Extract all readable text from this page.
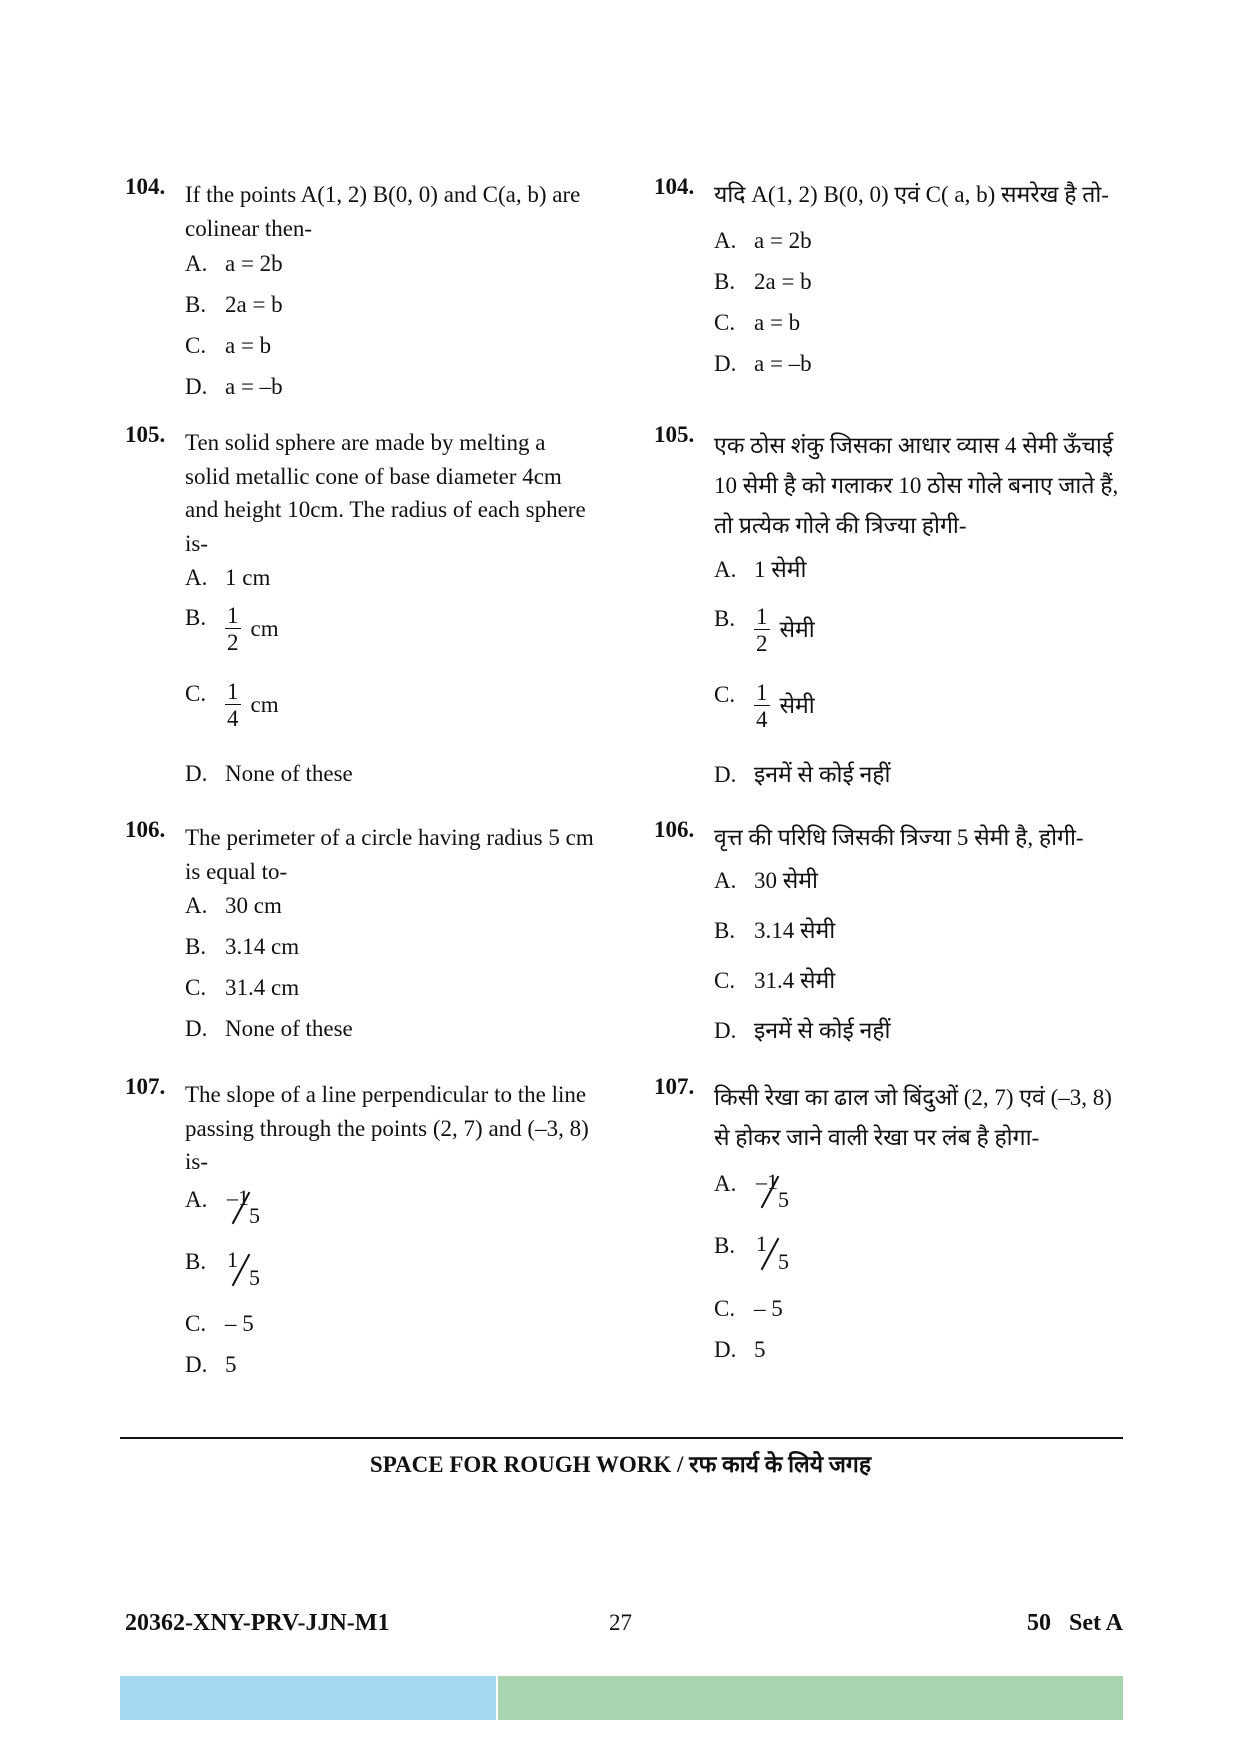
104. If the points A(1, 2) B(0, 0) and C(a, b) are colinear then-
A. a = 2b
B. 2a = b
C. a = b
D. a = –b
105. Ten solid sphere are made by melting a solid metallic cone of base diameter 4cm and height 10cm. The radius of each sphere is-
A. 1 cm
B. $\frac{1}{2}$ cm
C. $\frac{1}{4}$ cm
D. None of these
106. The perimeter of a circle having radius 5 cm is equal to-
A. 30 cm
B. 3.14 cm
C. 31.4 cm
D. None of these
107. The slope of a line perpendicular to the line passing through the points (2, 7) and (–3, 8) is-
A. –1
5
B. 1
5
C. – 5
D. 5
104. यदि A(1, 2) B(0, 0) एवं C( a, b) समरेख है तो-
A. a = 2b
B. 2a = b
C. a = b
D. a = –b
105. एक ठोस शंकु जिसका आधार व्यास 4 सेमी ऊँचाई 10 सेमी है को गलाकर 10 ठोस गोले बनाए जाते हैं, तो प्रत्येक गोले की त्रिज्या होगी-
A. 1 सेमी
B. $\frac{1}{2}$ सेमी
C. $\frac{1}{4}$ सेमी
D. इनमें से कोई नहीं
106. वृत्त की परिधि जिसकी त्रिज्या 5 सेमी है, होगी-
A. 30 सेमी
B. 3.14 सेमी
C. 31.4 सेमी
D. इनमें से कोई नहीं
107. किसी रेखा का ढाल जो बिंदुओं (2, 7) एवं (–3, 8) से होकर जाने वाली रेखा पर लंब है होगा-
A. –1
5
B. 1
5
C. – 5
D. 5
SPACE FOR ROUGH WORK / रफ कार्य के लिये जगह
20362-XNY-PRV-JJN-M1	27	50   Set A
